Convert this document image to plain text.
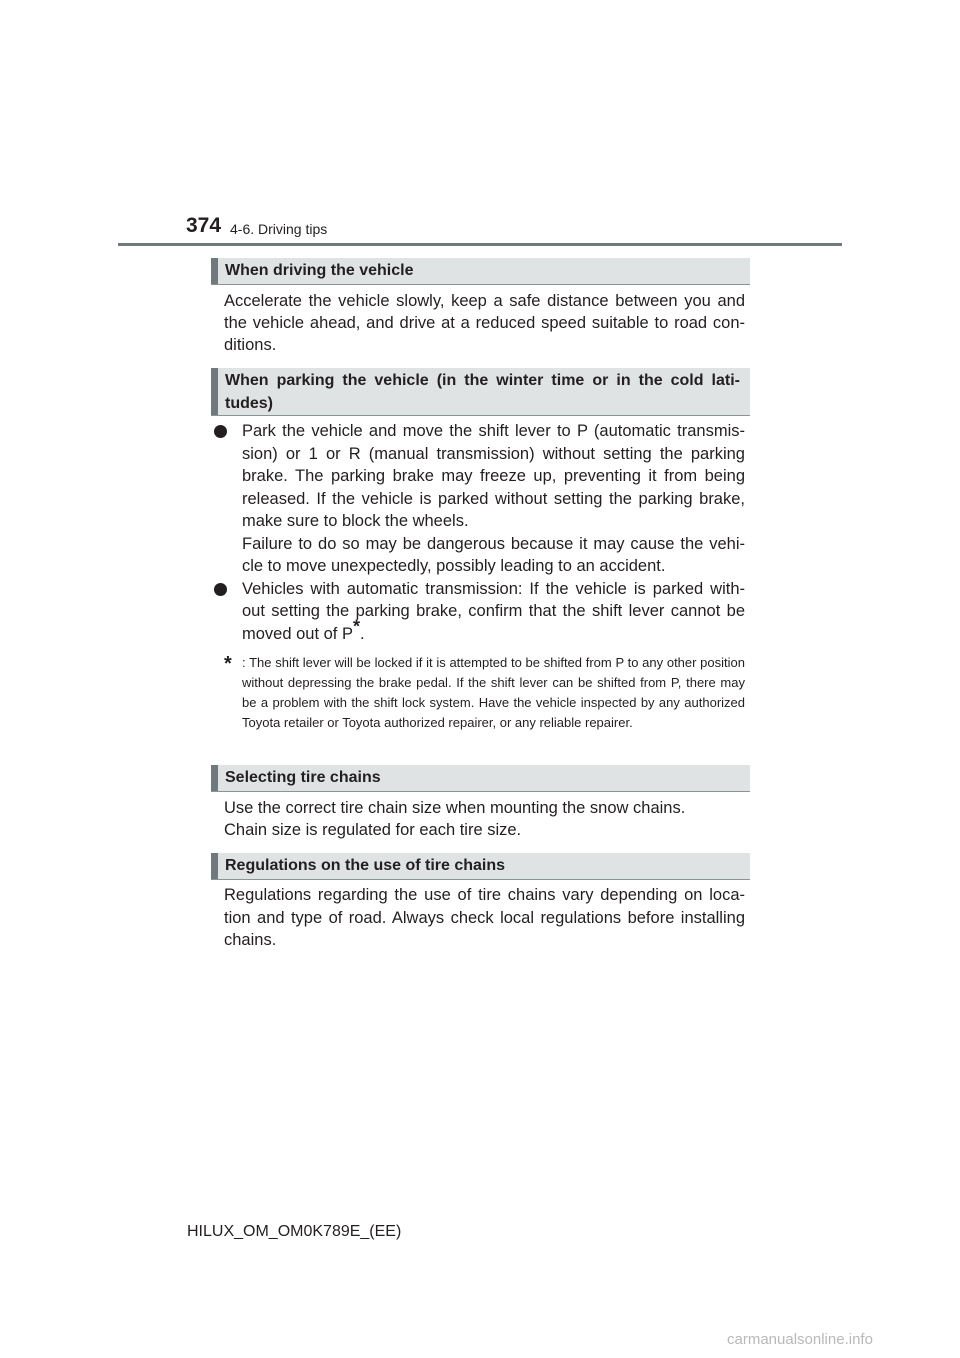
374 4-6. Driving tips
When driving the vehicle
Accelerate the vehicle slowly, keep a safe distance between you and the vehicle ahead, and drive at a reduced speed suitable to road con- ditions.
When parking the vehicle (in the winter time or in the cold lati-
tudes)
Park the vehicle and move the shift lever to P (automatic transmis- sion) or 1 or R (manual transmission) without setting the parking brake. The parking brake may freeze up, preventing it from being released. If the vehicle is parked without setting the parking brake, make sure to block the wheels.
Failure to do so may be dangerous because it may cause the vehi- cle to move unexpectedly, possibly leading to an accident.
Vehicles with automatic transmission: If the vehicle is parked with- out setting the parking brake, confirm that the shift lever cannot be moved out of P*.
* : The shift lever will be locked if it is attempted to be shifted from P to any other position without depressing the brake pedal. If the shift lever can be shifted from P, there may be a problem with the shift lock system. Have the vehicle inspected by any authorized Toyota retailer or Toyota authorized repairer, or any reliable repairer.
Selecting tire chains
Use the correct tire chain size when mounting the snow chains.
Chain size is regulated for each tire size.
Regulations on the use of tire chains
Regulations regarding the use of tire chains vary depending on loca- tion and type of road. Always check local regulations before installing chains.
HILUX_OM_OM0K789E_(EE)
carmanualsonline.info
